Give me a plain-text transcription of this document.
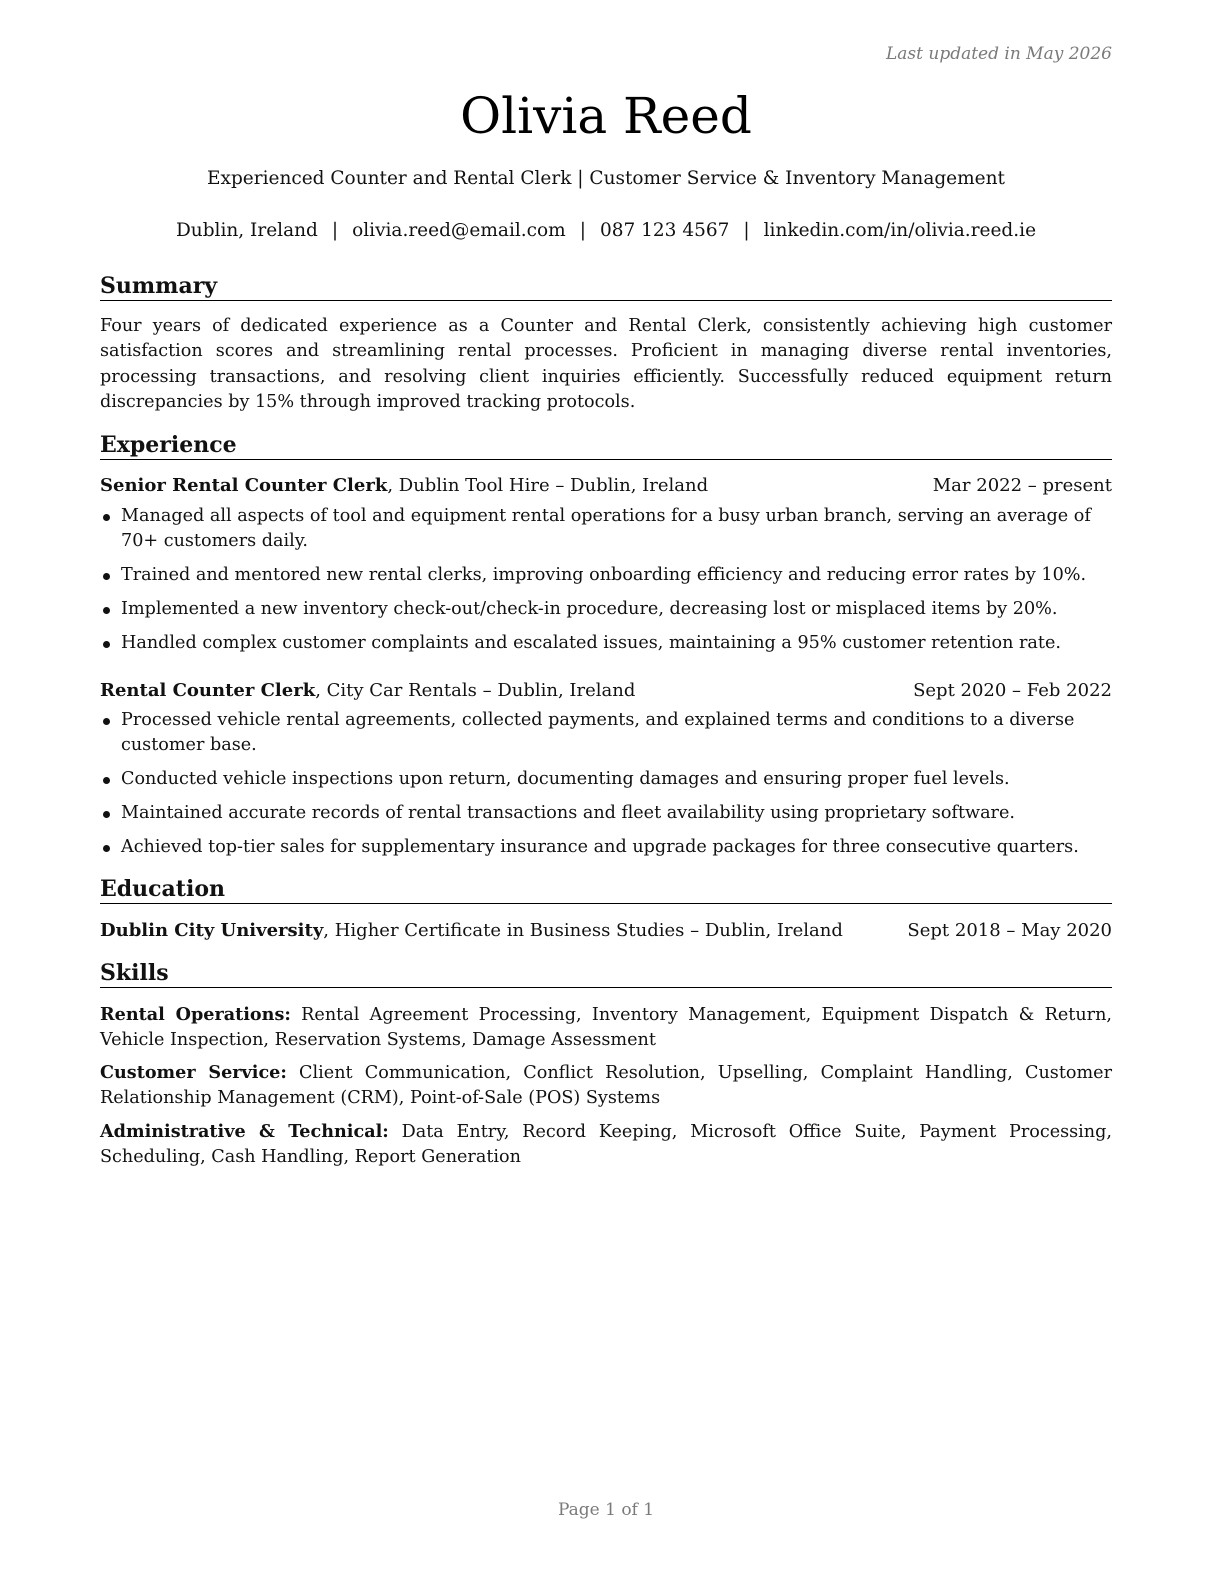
Last updated in May 2026
Olivia Reed
Experienced Counter and Rental Clerk | Customer Service & Inventory Management
Dublin, Ireland | olivia.reed@email.com | 087 123 4567 | linkedin.com/in/olivia.reed.ie
Summary
Four years of dedicated experience as a Counter and Rental Clerk, consistently achieving high customer satisfaction scores and streamlining rental processes. Proficient in managing diverse rental inventories, processing transactions, and resolving client inquiries efficiently. Successfully reduced equipment return discrepancies by 15% through improved tracking protocols.
Experience
Senior Rental Counter Clerk, Dublin Tool Hire – Dublin, Ireland	Mar 2022 – present
Managed all aspects of tool and equipment rental operations for a busy urban branch, serving an average of 70+ customers daily.
Trained and mentored new rental clerks, improving onboarding efficiency and reducing error rates by 10%.
Implemented a new inventory check-out/check-in procedure, decreasing lost or misplaced items by 20%.
Handled complex customer complaints and escalated issues, maintaining a 95% customer retention rate.
Rental Counter Clerk, City Car Rentals – Dublin, Ireland	Sept 2020 – Feb 2022
Processed vehicle rental agreements, collected payments, and explained terms and conditions to a diverse customer base.
Conducted vehicle inspections upon return, documenting damages and ensuring proper fuel levels.
Maintained accurate records of rental transactions and fleet availability using proprietary software.
Achieved top-tier sales for supplementary insurance and upgrade packages for three consecutive quarters.
Education
Dublin City University, Higher Certificate in Business Studies – Dublin, Ireland	Sept 2018 – May 2020
Skills
Rental Operations: Rental Agreement Processing, Inventory Management, Equipment Dispatch & Return, Vehicle Inspection, Reservation Systems, Damage Assessment
Customer Service: Client Communication, Conflict Resolution, Upselling, Complaint Handling, Customer Relationship Management (CRM), Point-of-Sale (POS) Systems
Administrative & Technical: Data Entry, Record Keeping, Microsoft Office Suite, Payment Processing, Scheduling, Cash Handling, Report Generation
Page 1 of 1
